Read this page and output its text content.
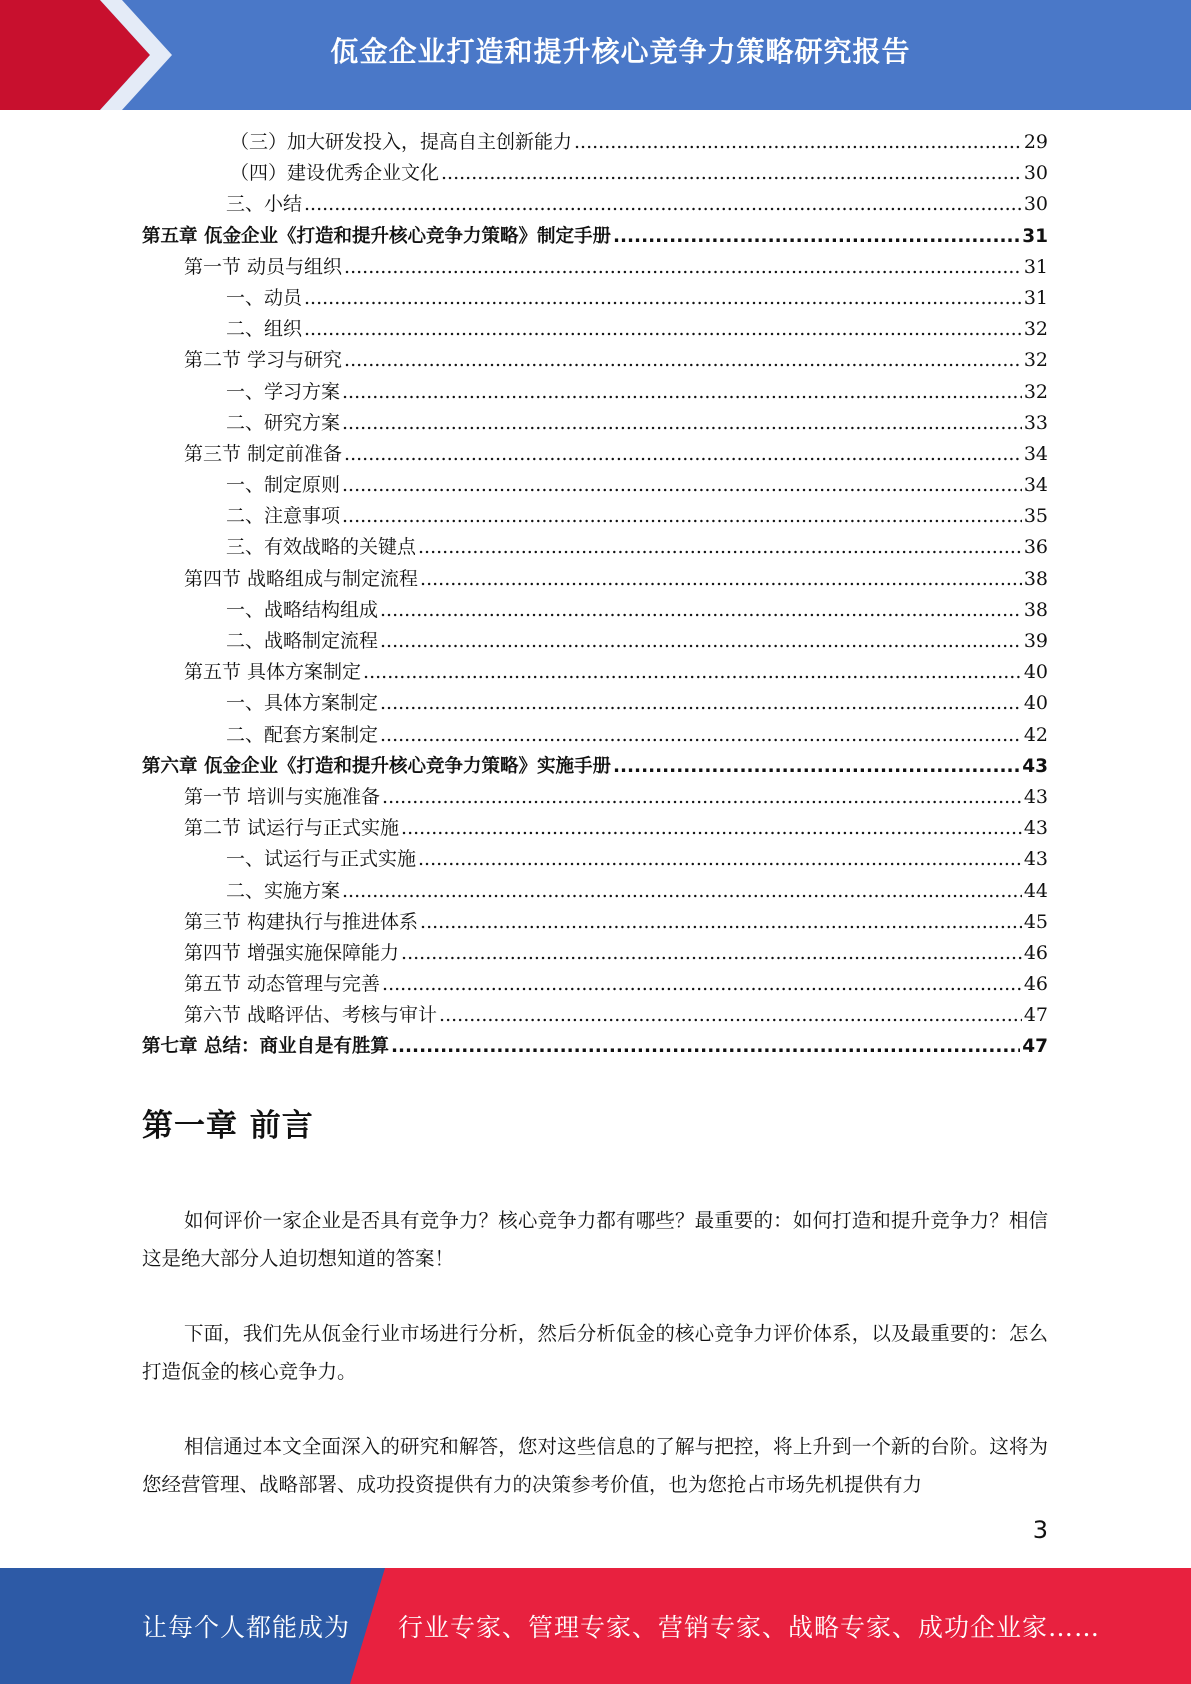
佤金企业打造和提升核心竞争力策略研究报告
（三）加大研发投入，提高自主创新能力 .....	29
（四）建设优秀企业文化 .....	30
三、小结 .....	30
第五章 佤金企业《打造和提升核心竞争力策略》制定手册 .....	31
第一节 动员与组织 .....	31
一、动员 .....	31
二、组织 .....	32
第二节 学习与研究 .....	32
一、学习方案 .....	32
二、研究方案 .....	33
第三节 制定前准备 .....	34
一、制定原则 .....	34
二、注意事项 .....	35
三、有效战略的关键点 .....	36
第四节 战略组成与制定流程 .....	38
一、战略结构组成 .....	38
二、战略制定流程 .....	39
第五节 具体方案制定 .....	40
一、具体方案制定 .....	40
二、配套方案制定 .....	42
第六章 佤金企业《打造和提升核心竞争力策略》实施手册 .....	43
第一节 培训与实施准备 .....	43
第二节 试运行与正式实施 .....	43
一、试运行与正式实施 .....	43
二、实施方案 .....	44
第三节 构建执行与推进体系 .....	45
第四节 增强实施保障能力 .....	46
第五节 动态管理与完善 .....	46
第六节 战略评估、考核与审计 .....	47
第七章 总结：商业自是有胜算 .....	47
第一章 前言
如何评价一家企业是否具有竞争力？核心竞争力都有哪些？最重要的：如何打造和提升竞争力？相信这是绝大部分人迫切想知道的答案！
下面，我们先从佤金行业市场进行分析，然后分析佤金的核心竞争力评价体系，以及最重要的：怎么打造佤金的核心竞争力。
相信通过本文全面深入的研究和解答，您对这些信息的了解与把控，将上升到一个新的台阶。这将为您经营管理、战略部署、成功投资提供有力的决策参考价值，也为您抢占市场先机提供有力
3
让每个人都能成为 行业专家、管理专家、营销专家、战略专家、成功企业家……
